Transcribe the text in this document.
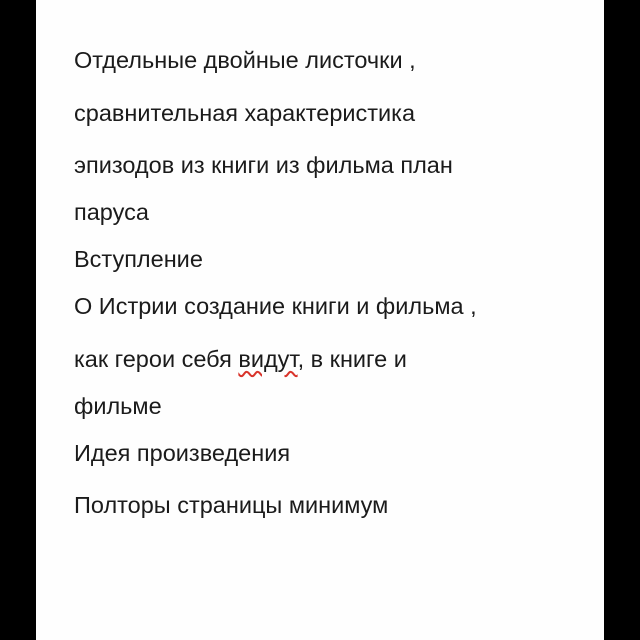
Отдельные двойные листочки ,
сравнительная характеристика
эпизодов из книги из фильма план
паруса
Вступление
О Истрии создание книги и фильма ,
как герои себя видут, в книге и
фильме
Идея произведения
Полторы страницы минимум
